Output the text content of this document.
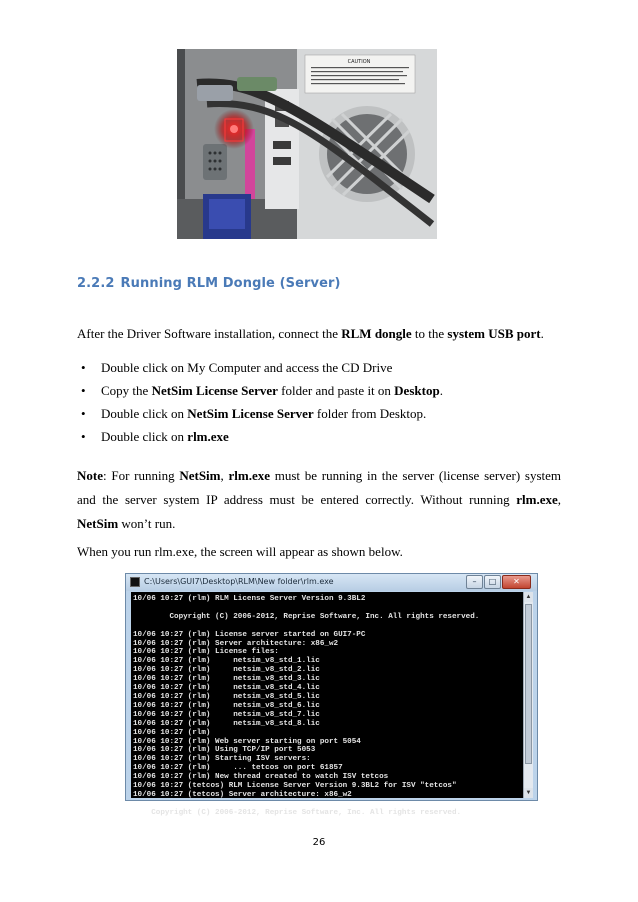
CAUTION
2.2.2 Running RLM Dongle (Server)

After the Driver Software installation, connect the RLM dongle to the system USB port.

• Double click on My Computer and access the CD Drive
• Copy the NetSim License Server folder and paste it on Desktop.
• Double click on NetSim License Server folder from Desktop.
• Double click on rlm.exe

Note: For running NetSim, rlm.exe must be running in the server (license server) system and the server system IP address must be entered correctly. Without running rlm.exe, NetSim won’t run.

When you run rlm.exe, the screen will appear as shown below.

C:\Users\GUI7\Desktop\RLM\New folder\rlm.exe	– □ ✕
10/06 10:27 (rlm) RLM License Server Version 9.3BL2

Copyright (C) 2006-2012, Reprise Software, Inc. All rights reserved.

10/06 10:27 (rlm) License server started on GUI7-PC
10/06 10:27 (rlm) Server architecture: x86_w2
10/06 10:27 (rlm) License files:
10/06 10:27 (rlm)     netsim_v8_std_1.lic
10/06 10:27 (rlm)     netsim_v8_std_2.lic
10/06 10:27 (rlm)     netsim_v8_std_3.lic
10/06 10:27 (rlm)     netsim_v8_std_4.lic
10/06 10:27 (rlm)     netsim_v8_std_5.lic
10/06 10:27 (rlm)     netsim_v8_std_6.lic
10/06 10:27 (rlm)     netsim_v8_std_7.lic
10/06 10:27 (rlm)     netsim_v8_std_8.lic
10/06 10:27 (rlm)
10/06 10:27 (rlm) Web server starting on port 5054
10/06 10:27 (rlm) Using TCP/IP port 5053
10/06 10:27 (rlm) Starting ISV servers:
10/06 10:27 (rlm)     ... tetcos on port 61857
10/06 10:27 (rlm) New thread created to watch ISV tetcos
10/06 10:27 (tetcos) RLM License Server Version 9.3BL2 for ISV "tetcos"
10/06 10:27 (tetcos) Server architecture: x86_w2

Copyright (C) 2006-2012, Reprise Software, Inc. All rights reserved.
▲
▼
26
